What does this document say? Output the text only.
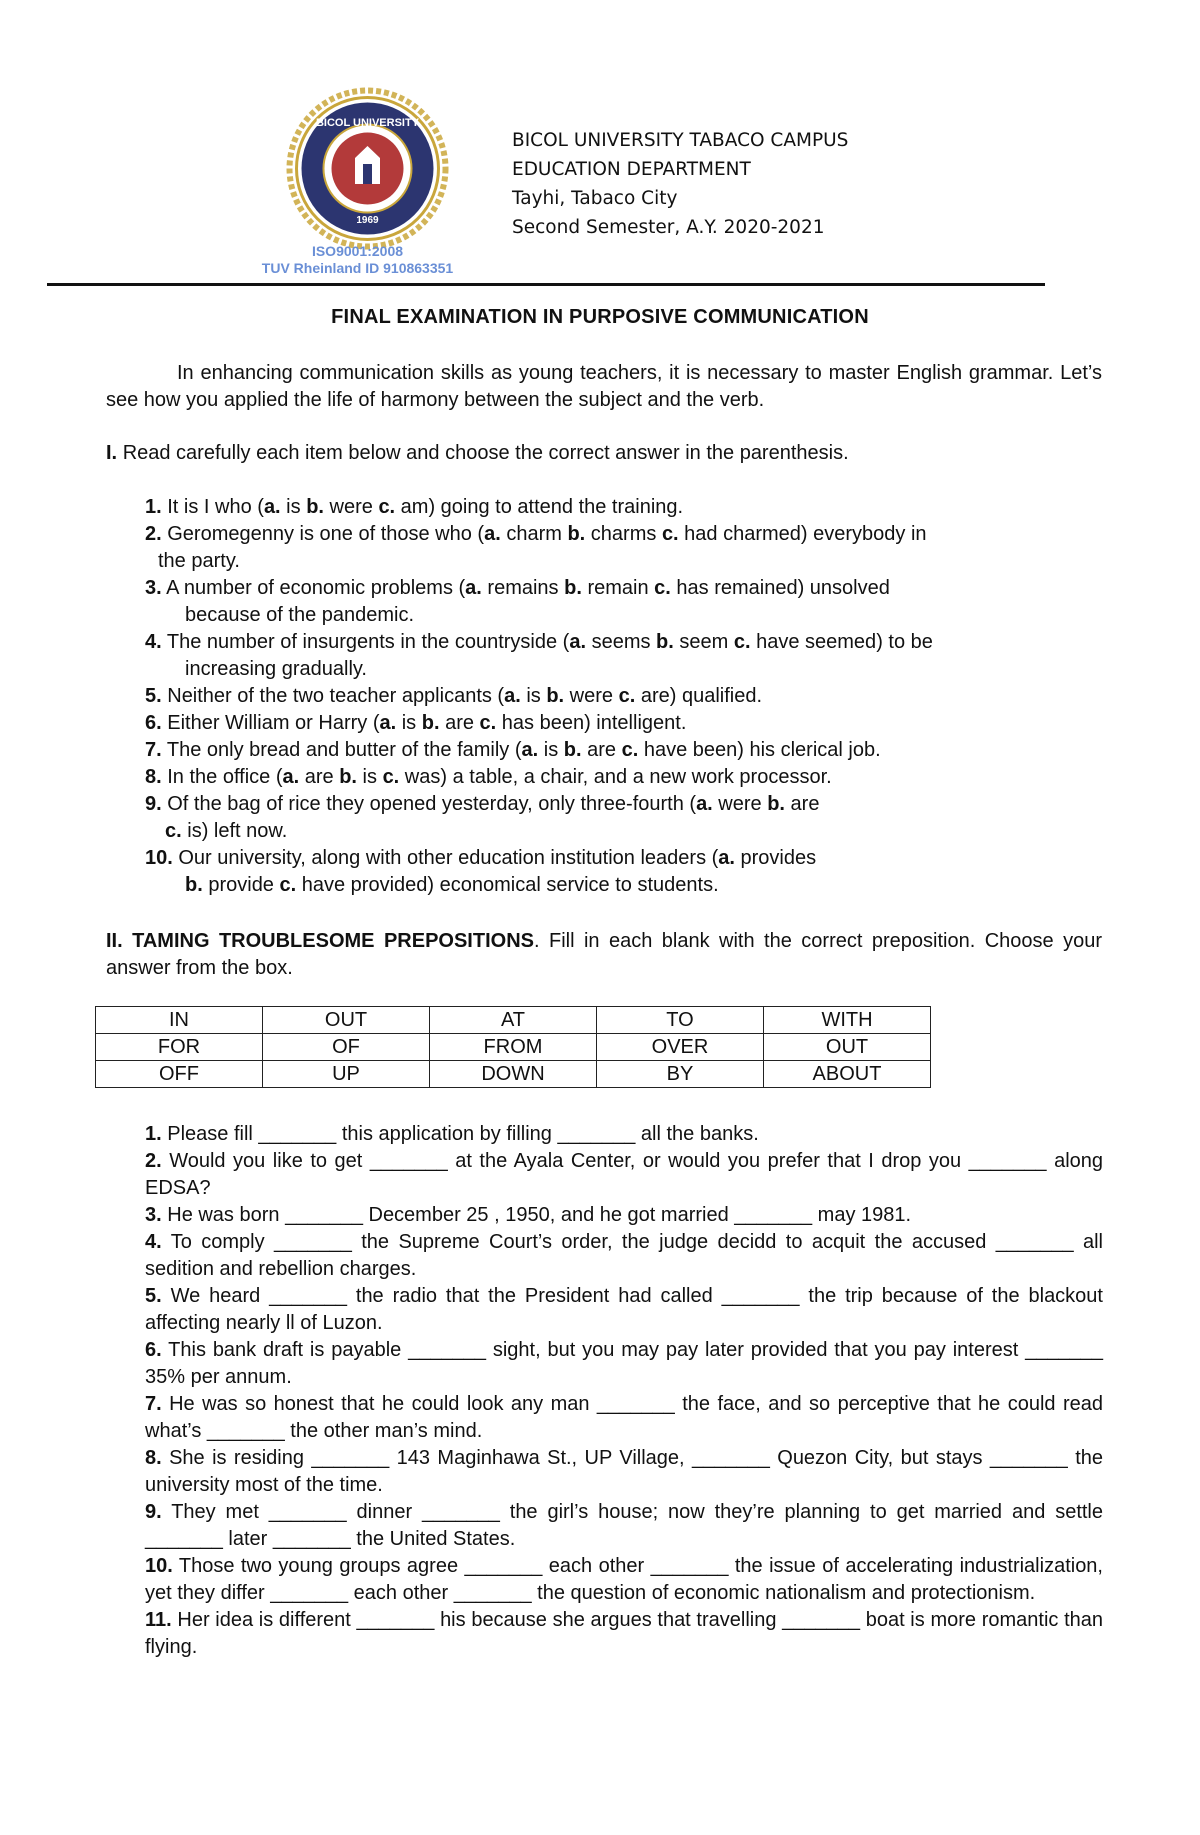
BICOL UNIVERSITY
1969
ISO9001:2008
TUV Rheinland ID 910863351
BICOL UNIVERSITY TABACO CAMPUS
EDUCATION DEPARTMENT
Tayhi, Tabaco City
Second Semester, A.Y. 2020-2021
FINAL EXAMINATION IN PURPOSIVE COMMUNICATION
In enhancing communication skills as young teachers, it is necessary to master English grammar. Let’s see how you applied the life of harmony between the subject and the verb.
I. Read carefully each item below and choose the correct answer in the parenthesis.
1. It is I who (a. is b. were c. am) going to attend the training.
2. Geromegenny is one of those who (a. charm b. charms c. had charmed) everybody in
the party.
3. A number of economic problems (a. remains b. remain c. has remained) unsolved
because of the pandemic.
4. The number of insurgents in the countryside (a. seems b. seem c. have seemed) to be
increasing gradually.
5. Neither of the two teacher applicants (a. is b. were c. are) qualified.
6. Either William or Harry (a. is b. are c. has been) intelligent.
7. The only bread and butter of the family (a. is b. are c. have been) his clerical job.
8. In the office (a. are b. is c. was) a table, a chair, and a new work processor.
9. Of the bag of rice they opened yesterday, only three-fourth (a. were b. are
c. is) left now.
10. Our university, along with other education institution leaders (a. provides
b. provide c. have provided) economical service to students.
II. TAMING TROUBLESOME PREPOSITIONS. Fill in each blank with the correct preposition. Choose your answer from the box.
IN	OUT	AT	TO	WITH
FOR	OF	FROM	OVER	OUT
OFF	UP	DOWN	BY	ABOUT
1. Please fill _______ this application by filling _______ all the banks.
2. Would you like to get _______ at the Ayala Center, or would you prefer that I drop you _______ along EDSA?
3. He was born _______ December 25 , 1950, and he got married _______ may 1981.
4. To comply _______ the Supreme Court’s order, the judge decidd to acquit the accused _______ all sedition and rebellion charges.
5. We heard _______ the radio that the President had called _______ the trip because of the blackout affecting nearly ll of Luzon.
6. This bank draft is payable _______ sight, but you may pay later provided that you pay interest _______ 35% per annum.
7. He was so honest that he could look any man _______ the face, and so perceptive that he could read what’s _______ the other man’s mind.
8. She is residing _______ 143 Maginhawa St., UP Village, _______ Quezon City, but stays _______ the university most of the time.
9. They met _______ dinner _______ the girl’s house; now they’re planning to get married and settle _______ later _______ the United States.
10. Those two young groups agree _______ each other _______ the issue of accelerating industrialization, yet they differ _______ each other _______ the question of economic nationalism and protectionism.
11. Her idea is different _______ his because she argues that travelling _______ boat is more romantic than flying.
